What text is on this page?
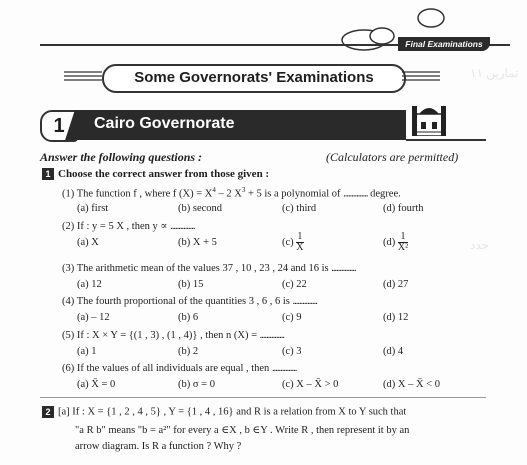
تمارين ١١
حدد
Final Examinations
Some Governorats' Examinations
1	Cairo Governorate
Answer the following questions :	(Calculators are permitted)
1 Choose the correct answer from those given :
(1) The function f , where f $(X) = X^4 - 2$ $X^3 + 5$ is a polynomial of ............... degree.
(a) first	(b) second	(c) third	(d) fourth
(2) If : y = 5 X , then y ∝ ...............
(a) X	(b) X + 5	$(c) \frac{1}{X}$	$(d) \frac{1}{\text{X²}}$
(3) The arithmetic mean of the values 37 , 10 , 23 , 24 and 16 is ...............
(a) 12	(b) 15	(c) 22	(d) 27
(4) The fourth proportional of the quantities 3 , 6 , 6 is ...............
(a) – 12	(b) 6	(c) 9	(d) 12
(5) If : X × Y = {(1 , 3) , (1 , 4)} , then n (X) = ...............
(a) 1	(b) 2	(c) 3	(d) 4
(6) If the values of all individuals are equal , then ...............
(a) X̄ = 0	(b) σ = 0	(c) X – X̄ > 0	(d) X – X̄ < 0
2 [a] If : X = {1 , 2 , 4 , 5} , Y = {1 , 4 , 16} and R is a relation from X to Y such that
"a R b" means "b = a²" for every a ∈X , b ∈Y . Write R , then represent it by an
arrow diagram. Is R a function ? Why ?
